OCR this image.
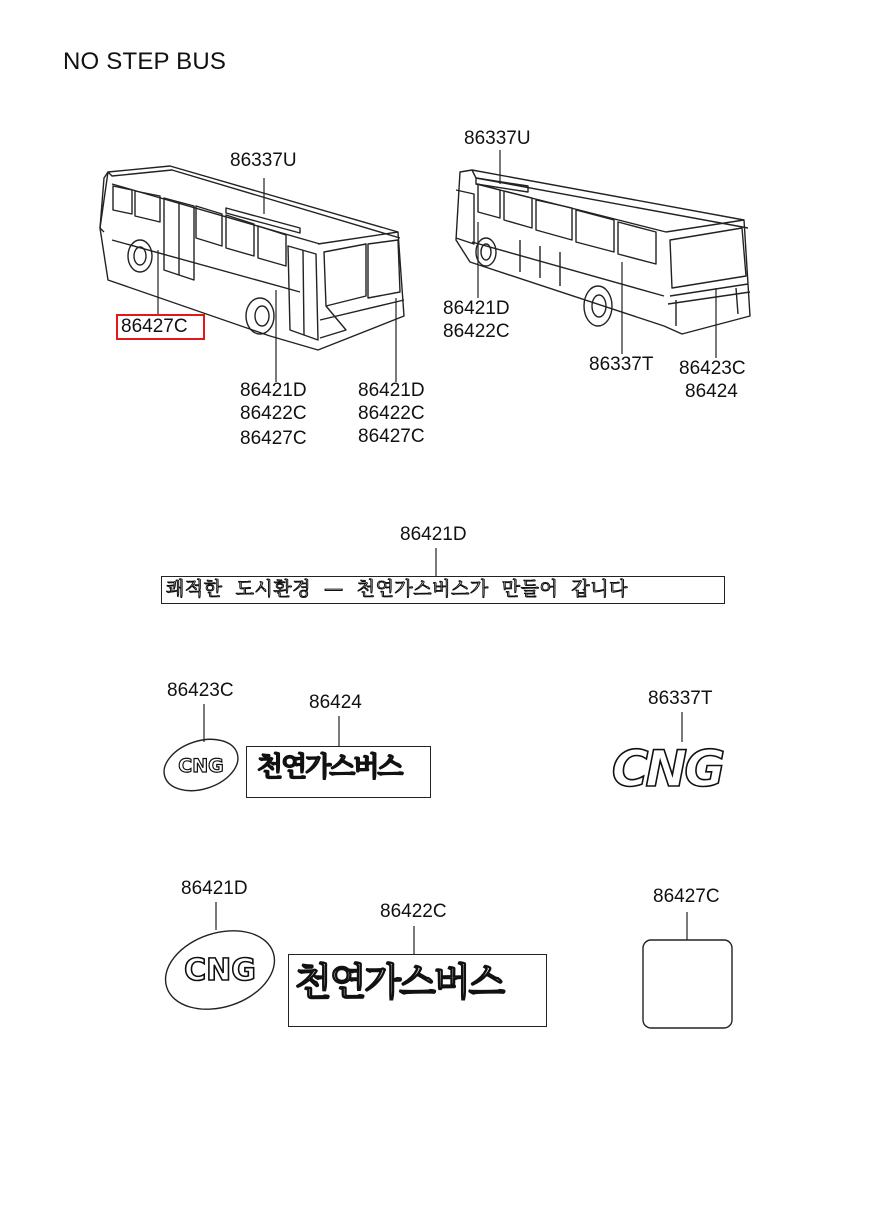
NO STEP BUS
CNG
CNG
CNG
86337U
86427C
86421D
86422C
86427C
86421D
86422C
86427C
86337U
86421D
86422C
86337T 86423C
86424
86421D
쾌적한  도시환경  —  천연가스버스가  만들어  갑니다
86423C
86424
천연가스버스
86337T
86421D
86422C
천연가스버스
86427C
